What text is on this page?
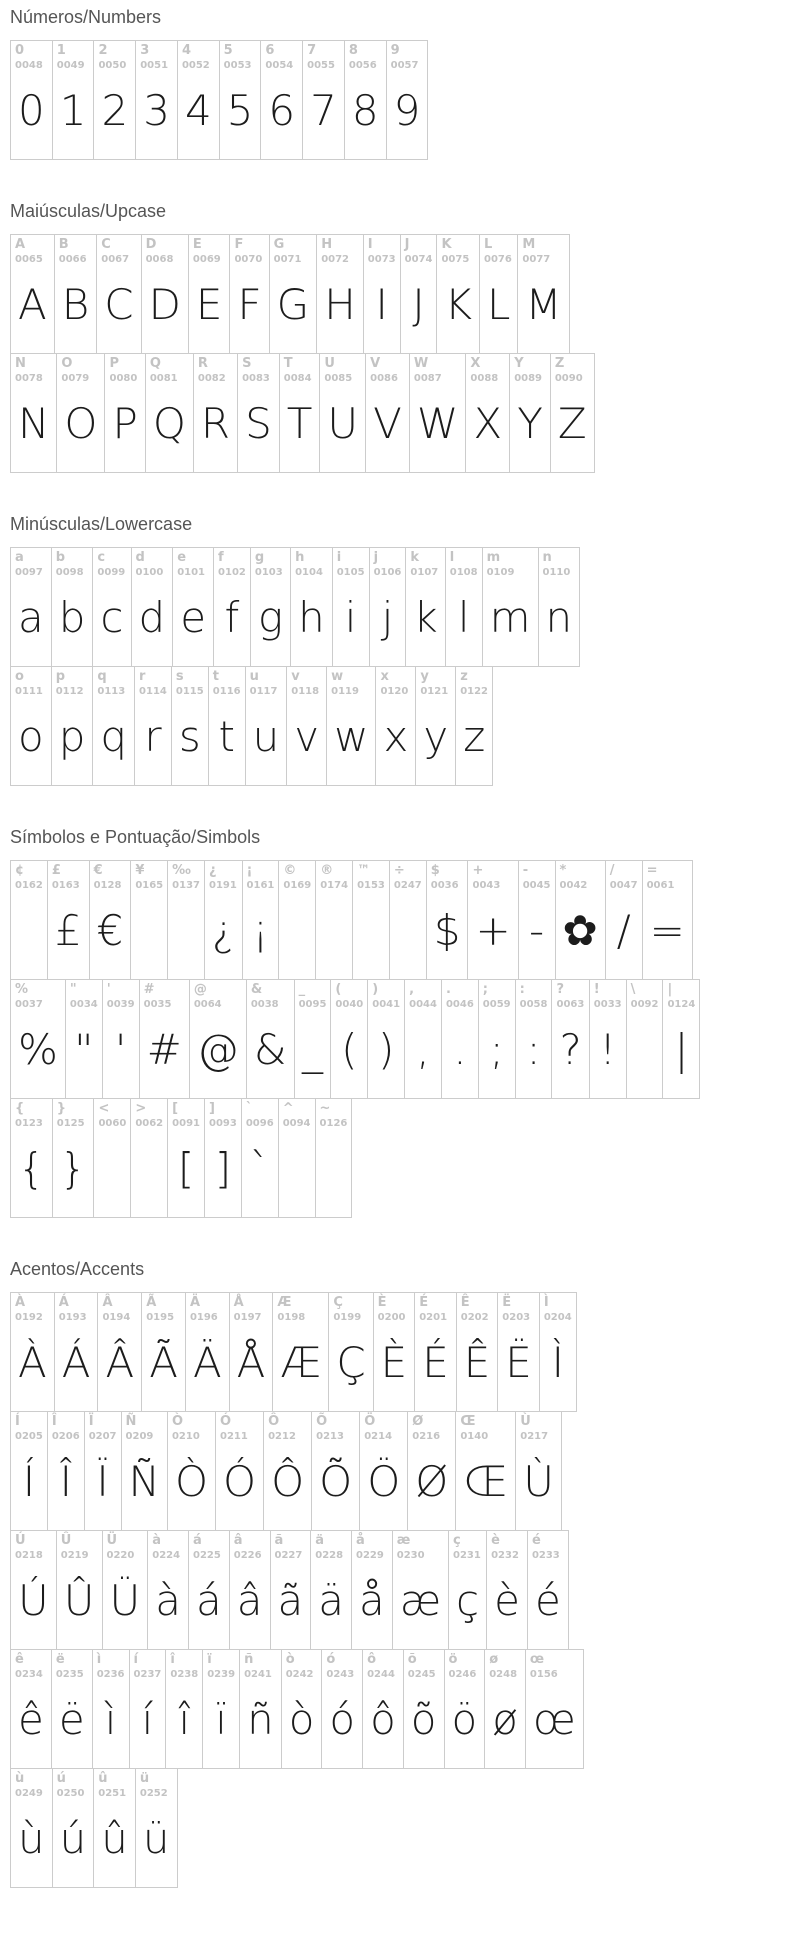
Números/Numbers
0
0048
0
1
0049
1
2
0050
2
3
0051
3
4
0052
4
5
0053
5
6
0054
6
7
0055
7
8
0056
8
9
0057
9
Maiúsculas/Upcase
A
0065
A
B
0066
B
C
0067
C
D
0068
D
E
0069
E
F
0070
F
G
0071
G
H
0072
H
I
0073
I
J
0074
J
K
0075
K
L
0076
L
M
0077
M
N
0078
N
O
0079
O
P
0080
P
Q
0081
Q
R
0082
R
S
0083
S
T
0084
T
U
0085
U
V
0086
V
W
0087
W
X
0088
X
Y
0089
Y
Z
0090
Z
Minúsculas/Lowercase
a
0097
a
b
0098
b
c
0099
c
d
0100
d
e
0101
e
f
0102
f
g
0103
g
h
0104
h
i
0105
i
j
0106
j
k
0107
k
l
0108
l
m
0109
m
n
0110
n
o
0111
o
p
0112
p
q
0113
q
r
0114
r
s
0115
s
t
0116
t
u
0117
u
v
0118
v
w
0119
w
x
0120
x
y
0121
y
z
0122
z
Símbolos e Pontuação/Simbols
¢
0162
£
0163
£
€
0128
€
¥
0165
‰
0137
¿
0191
¿
¡
0161
¡
©
0169
®
0174
™
0153
÷
0247
$
0036
$
+
0043
+
-
0045
-
*
0042
✿
/
0047
/
=
0061
=
%
0037
%
"
0034
"
'
0039
'
#
0035
#
@
0064
@
&
0038
&
_
0095
_
(
0040
(
)
0041
)
,
0044
,
.
0046
.
;
0059
;
:
0058
:
?
0063
?
!
0033
!
\
0092
|
0124
|
{
0123
{
}
0125
}
<
0060
>
0062
[
0091
[
]
0093
]
`
0096
`
^
0094
~
0126
Acentos/Accents
À
0192
À
Á
0193
Á
Â
0194
Â
Ã
0195
Ã
Ä
0196
Ä
Å
0197
Å
Æ
0198
Æ
Ç
0199
Ç
È
0200
È
É
0201
É
Ê
0202
Ê
Ë
0203
Ë
Ì
0204
Ì
Í
0205
Í
Î
0206
Î
Ï
0207
Ï
Ñ
0209
Ñ
Ò
0210
Ò
Ó
0211
Ó
Ô
0212
Ô
Õ
0213
Õ
Ö
0214
Ö
Ø
0216
Ø
Œ
0140
Œ
Ù
0217
Ù
Ú
0218
Ú
Û
0219
Û
Ü
0220
Ü
à
0224
à
á
0225
á
â
0226
â
ã
0227
ã
ä
0228
ä
å
0229
å
æ
0230
æ
ç
0231
ç
è
0232
è
é
0233
é
ê
0234
ê
ë
0235
ë
ì
0236
ì
í
0237
í
î
0238
î
ï
0239
ï
ñ
0241
ñ
ò
0242
ò
ó
0243
ó
ô
0244
ô
õ
0245
õ
ö
0246
ö
ø
0248
ø
œ
0156
œ
ù
0249
ù
ú
0250
ú
û
0251
û
ü
0252
ü
